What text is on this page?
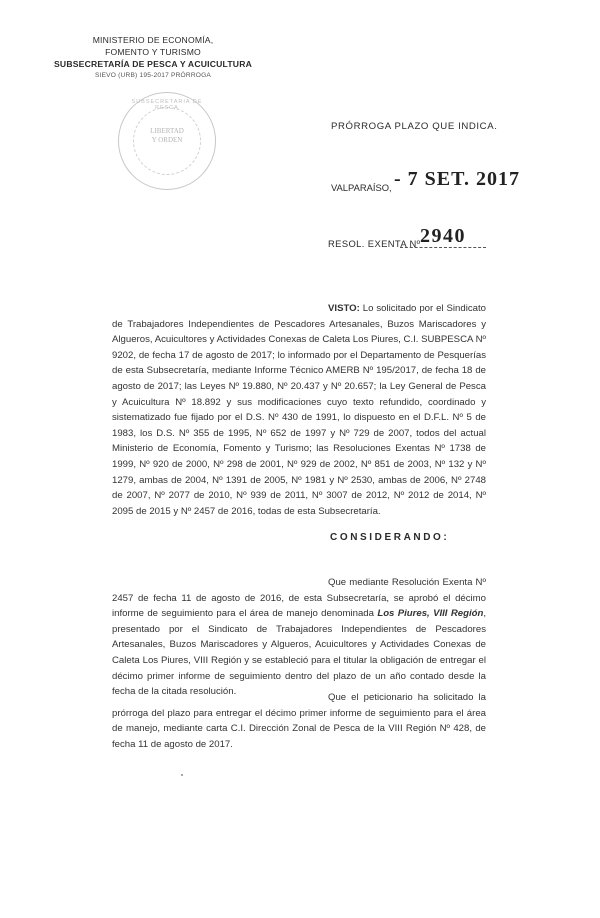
MINISTERIO DE ECONOMÍA,
FOMENTO Y TURISMO
SUBSECRETARÍA DE PESCA Y ACUICULTURA
SIEVO (URB) 195-2017 PRÓRROGA
SUBSECRETARIA DE PESCA
LIBERTAD
Y ORDEN
PRÓRROGA PLAZO QUE INDICA.
VALPARAÍSO, - 7 SET. 2017
RESOL. EXENTA Nº 2940
VISTO: Lo solicitado por el Sindicato de Trabajadores Independientes de Pescadores Artesanales, Buzos Mariscadores y Algueros, Acuicultores y Actividades Conexas de Caleta Los Piures, C.I. SUBPESCA Nº 9202, de fecha 17 de agosto de 2017; lo informado por el Departamento de Pesquerías de esta Subsecretaría, mediante Informe Técnico AMERB Nº 195/2017, de fecha 18 de agosto de 2017; las Leyes Nº 19.880, Nº 20.437 y Nº 20.657; la Ley General de Pesca y Acuicultura Nº 18.892 y sus modificaciones cuyo texto refundido, coordinado y sistematizado fue fijado por el D.S. Nº 430 de 1991, lo dispuesto en el D.F.L. Nº 5 de 1983, los D.S. Nº 355 de 1995, Nº 652 de 1997 y Nº 729 de 2007, todos del actual Ministerio de Economía, Fomento y Turismo; las Resoluciones Exentas Nº 1738 de 1999, Nº 920 de 2000, Nº 298 de 2001, Nº 929 de 2002, Nº 851 de 2003, Nº 132 y Nº 1279, ambas de 2004, Nº 1391 de 2005, Nº 1981 y Nº 2530, ambas de 2006, Nº 2748 de 2007, Nº 2077 de 2010, Nº 939 de 2011, Nº 3007 de 2012, Nº 2012 de 2014, Nº 2095 de 2015 y Nº 2457 de 2016, todas de esta Subsecretaría.
CONSIDERANDO:
Que mediante Resolución Exenta Nº 2457 de fecha 11 de agosto de 2016, de esta Subsecretaría, se aprobó el décimo informe de seguimiento para el área de manejo denominada Los Piures, VIII Región, presentado por el Sindicato de Trabajadores Independientes de Pescadores Artesanales, Buzos Mariscadores y Algueros, Acuicultores y Actividades Conexas de Caleta Los Piures, VIII Región y se estableció para el titular la obligación de entregar el décimo primer informe de seguimiento dentro del plazo de un año contado desde la fecha de la citada resolución.
Que el peticionario ha solicitado la prórroga del plazo para entregar el décimo primer informe de seguimiento para el área de manejo, mediante carta C.I. Dirección Zonal de Pesca de la VIII Región Nº 428, de fecha 11 de agosto de 2017.
